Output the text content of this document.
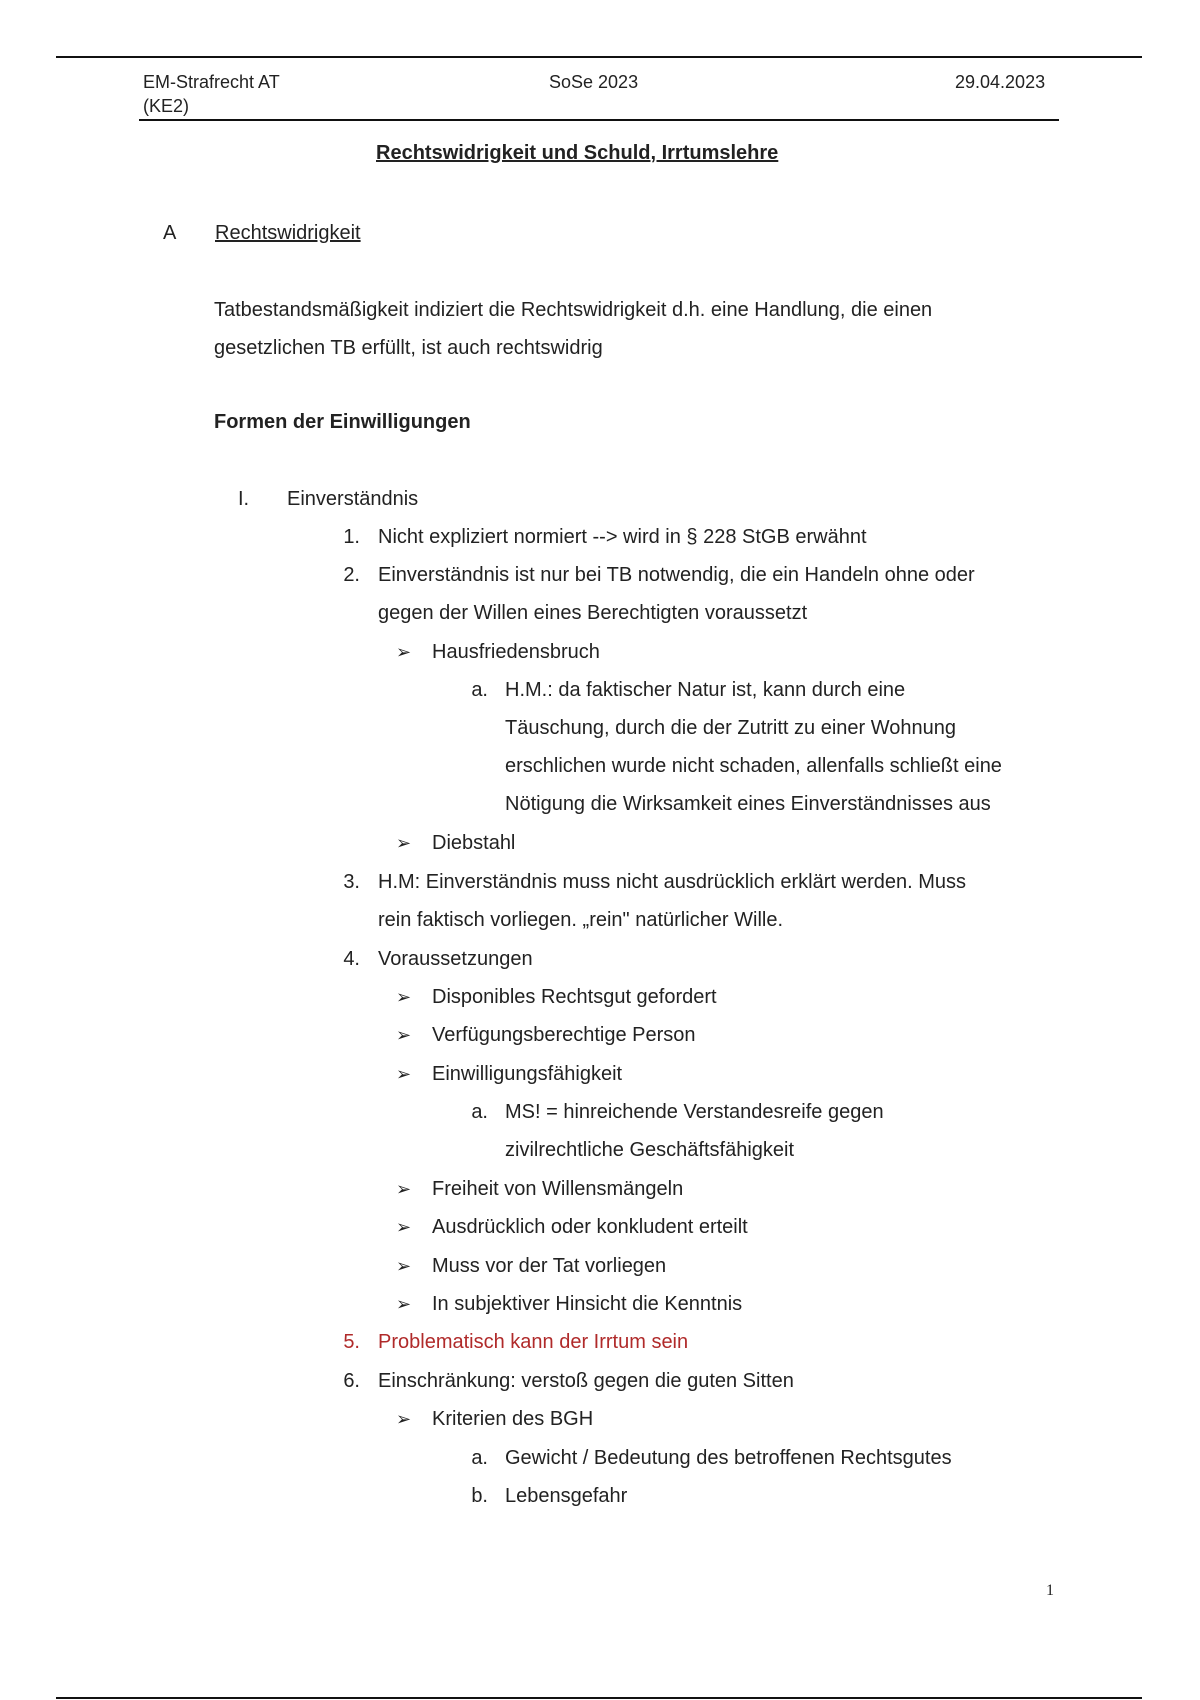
EM-Strafrecht AT
(KE2)
SoSe 2023	29.04.2023
Rechtswidrigkeit und Schuld, Irrtumslehre
A Rechtswidrigkeit
Tatbestandsmäßigkeit indiziert die Rechtswidrigkeit d.h. eine Handlung, die einen
gesetzlichen TB erfüllt, ist auch rechtswidrig
Formen der Einwilligungen
I. Einverständnis
1. Nicht expliziert normiert --> wird in § 228 StGB erwähnt
2. Einverständnis ist nur bei TB notwendig, die ein Handeln ohne oder
gegen der Willen eines Berechtigten voraussetzt
➢ Hausfriedensbruch
a. H.M.: da faktischer Natur ist, kann durch eine
Täuschung, durch die der Zutritt zu einer Wohnung
erschlichen wurde nicht schaden, allenfalls schließt eine
Nötigung die Wirksamkeit eines Einverständnisses aus
➢ Diebstahl
3. H.M: Einverständnis muss nicht ausdrücklich erklärt werden. Muss
rein faktisch vorliegen. „rein" natürlicher Wille.
4. Voraussetzungen
➢ Disponibles Rechtsgut gefordert
➢ Verfügungsberechtige Person
➢ Einwilligungsfähigkeit
a. MS! = hinreichende Verstandesreife gegen
zivilrechtliche Geschäftsfähigkeit
➢ Freiheit von Willensmängeln
➢ Ausdrücklich oder konkludent erteilt
➢ Muss vor der Tat vorliegen
➢ In subjektiver Hinsicht die Kenntnis
5. Problematisch kann der Irrtum sein
6. Einschränkung: verstoß gegen die guten Sitten
➢ Kriterien des BGH
a. Gewicht / Bedeutung des betroffenen Rechtsgutes
b. Lebensgefahr
1
